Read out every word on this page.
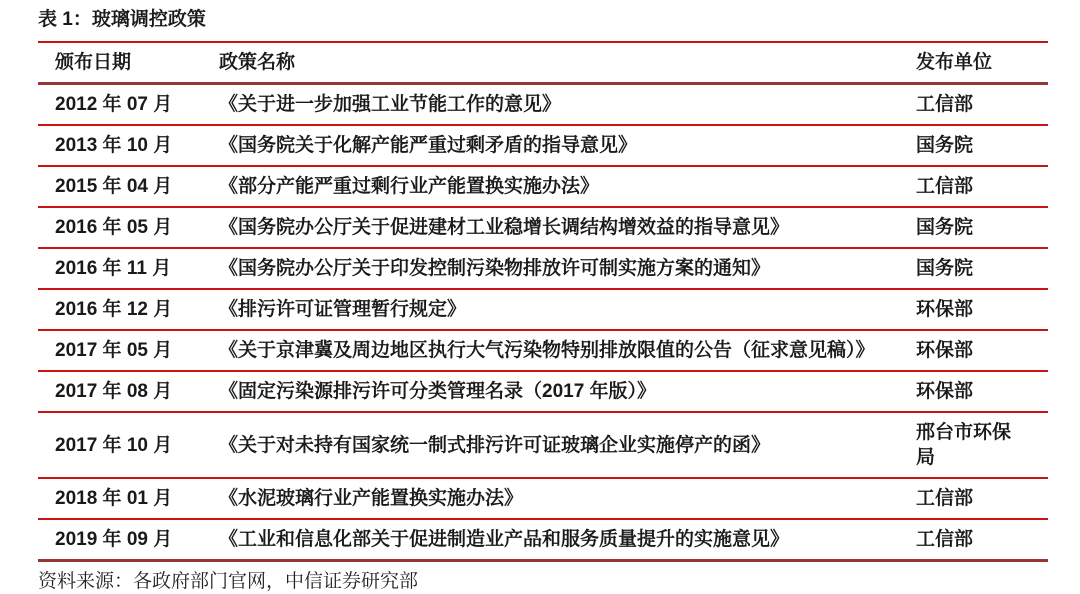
表 1：玻璃调控政策
颁布日期	政策名称	发布单位
2012 年 07 月	《关于进一步加强工业节能工作的意见》	工信部
2013 年 10 月	《国务院关于化解产能严重过剩矛盾的指导意见》	国务院
2015 年 04 月	《部分产能严重过剩行业产能置换实施办法》	工信部
2016 年 05 月	《国务院办公厅关于促进建材工业稳增长调结构增效益的指导意见》	国务院
2016 年 11 月	《国务院办公厅关于印发控制污染物排放许可制实施方案的通知》	国务院
2016 年 12 月	《排污许可证管理暂行规定》	环保部
2017 年 05 月	《关于京津冀及周边地区执行大气污染物特别排放限值的公告（征求意见稿）》	环保部
2017 年 08 月	《固定污染源排污许可分类管理名录（2017 年版）》	环保部
2017 年 10 月	《关于对未持有国家统一制式排污许可证玻璃企业实施停产的函》	邢台市环保局
2018 年 01 月	《水泥玻璃行业产能置换实施办法》	工信部
2019 年 09 月	《工业和信息化部关于促进制造业产品和服务质量提升的实施意见》	工信部
资料来源：各政府部门官网，中信证券研究部
